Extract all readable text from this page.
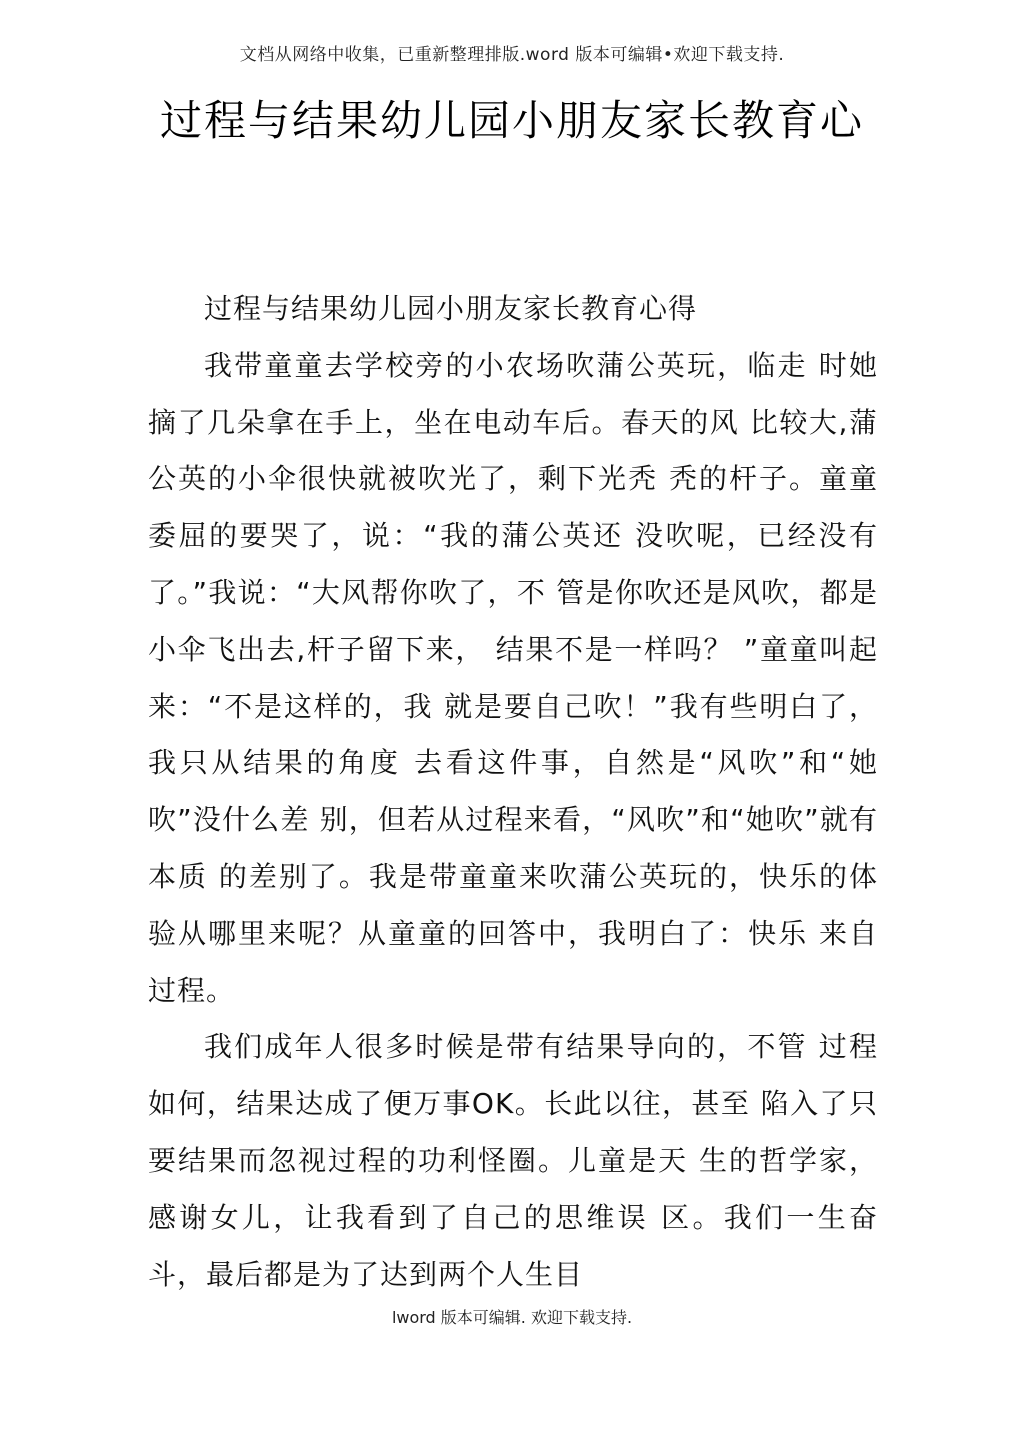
文档从网络中收集，已重新整理排版.word 版本可编辑•欢迎下载支持.
过程与结果幼儿园小朋友家长教育心

过程与结果幼儿园小朋友家长教育心得

我带童童去学校旁的小农场吹蒲公英玩，临走 时她摘了几朵拿在手上，坐在电动车后。春天的风 比较大,蒲公英的小伞很快就被吹光了，剩下光秃 秃的杆子。童童委屈的要哭了，说：“我的蒲公英还 没吹呢，已经没有了。”我说：“大风帮你吹了，不 管是你吹还是风吹，都是小伞飞出去,杆子留下来， 结果不是一样吗？ ”童童叫起来：“不是这样的，我 就是要自己吹！”我有些明白了，我只从结果的角度 去看这件事，自然是“风吹”和“她吹”没什么差 别，但若从过程来看，“风吹”和“她吹”就有本质 的差别了。我是带童童来吹蒲公英玩的，快乐的体 验从哪里来呢？从童童的回答中，我明白了：快乐 来自过程。

我们成年人很多时候是带有结果导向的，不管 过程如何，结果达成了便万事OK。长此以往，甚至 陷入了只要结果而忽视过程的功利怪圈。儿童是天 生的哲学家，感谢女儿，让我看到了自己的思维误 区。我们一生奋斗，最后都是为了达到两个人生目

lword 版本可编辑. 欢迎下载支持.
